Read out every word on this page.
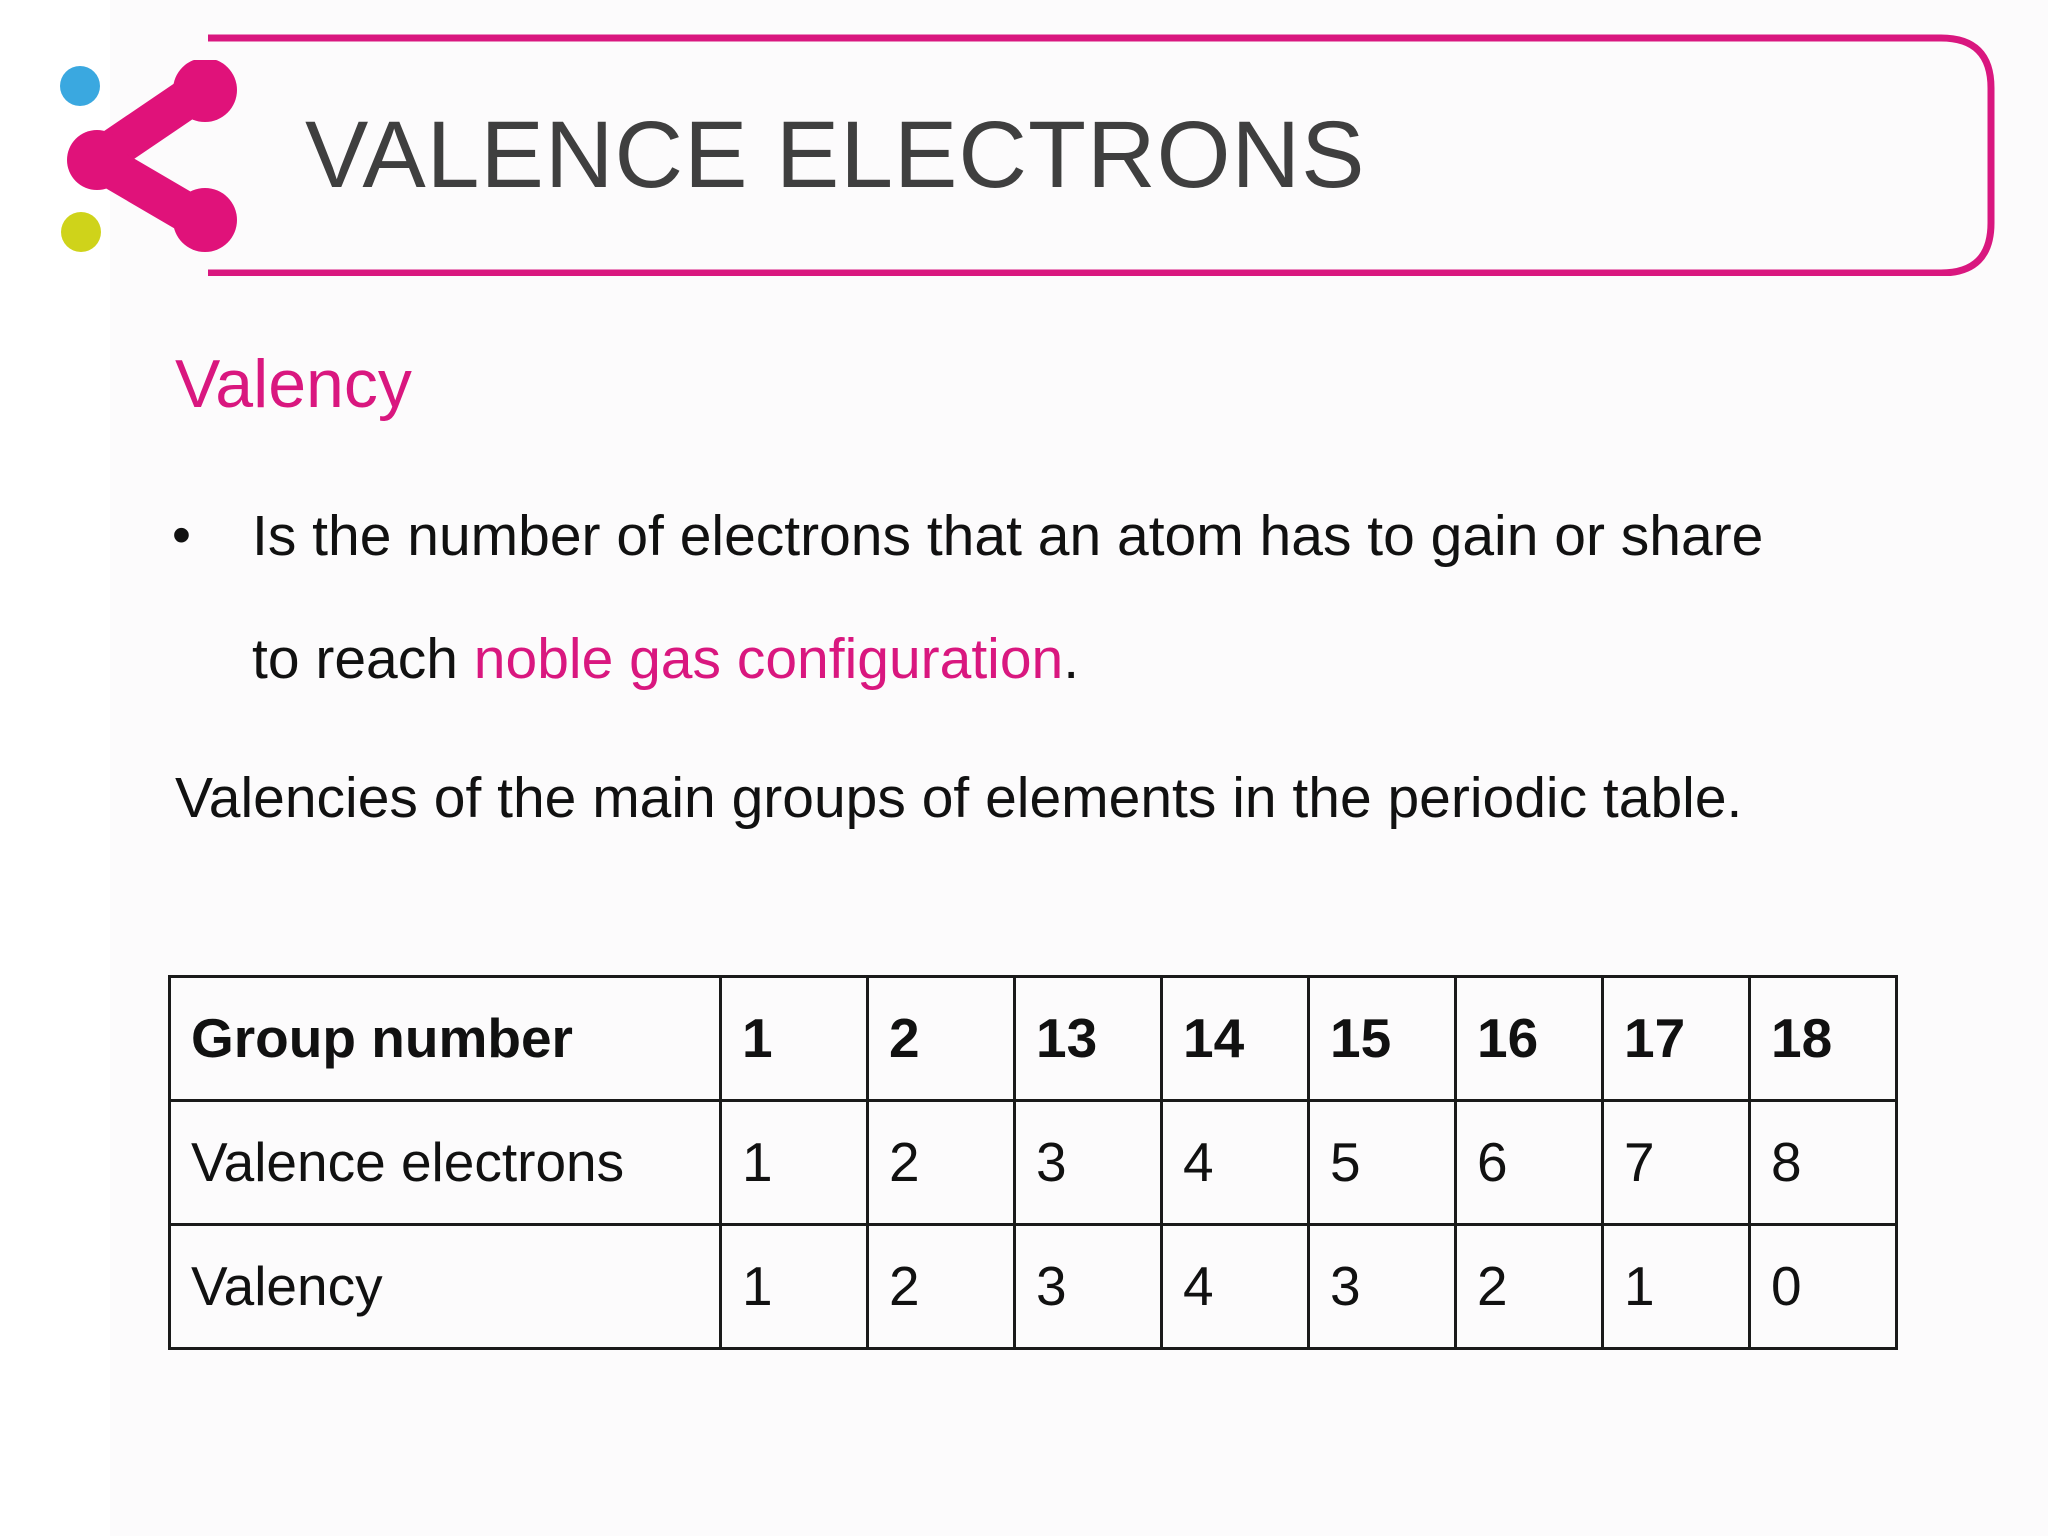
VALENCE ELECTRONS
Valency
• Is the number of electrons that an atom has to gain or share

to reach noble gas configuration.

Valencies of the main groups of elements in the periodic table.

Group number	1	2	13	14	15	16	17	18
Valence electrons	1	2	3	4	5	6	7	8
Valency	1	2	3	4	3	2	1	0
